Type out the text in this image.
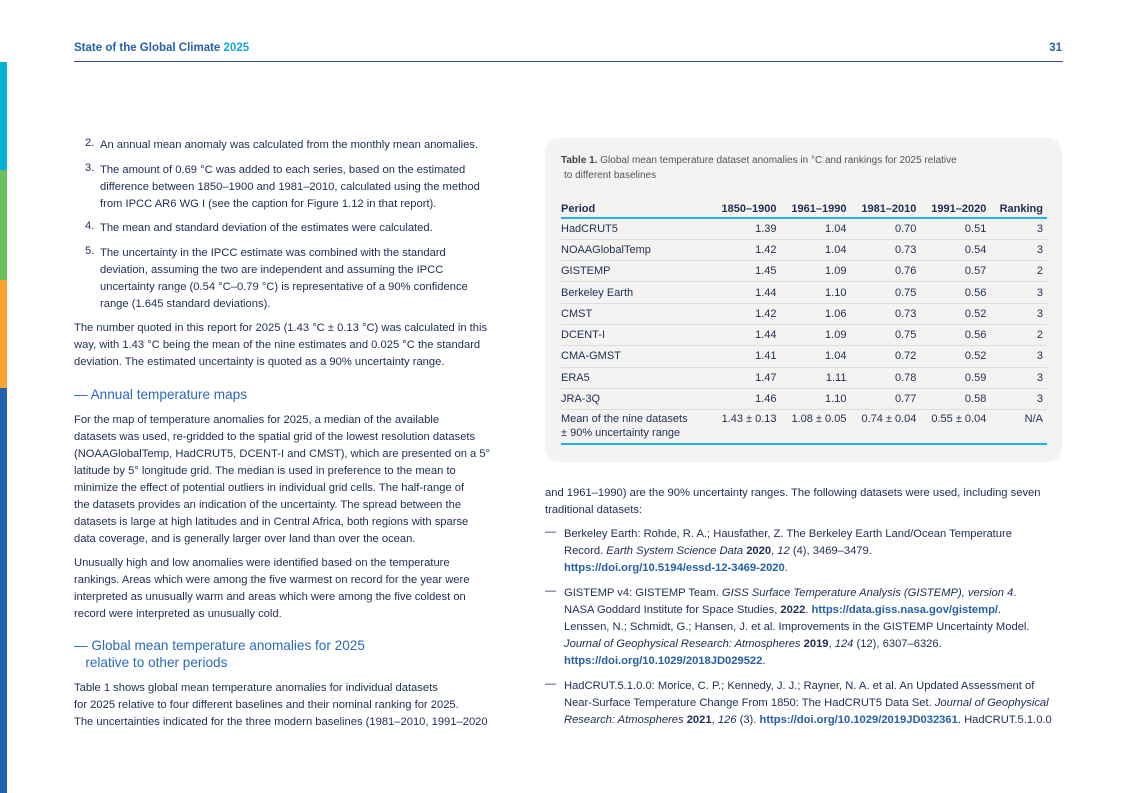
State of the Global Climate 2025	31
2. An annual mean anomaly was calculated from the monthly mean anomalies.
3. The amount of 0.69 °C was added to each series, based on the estimated
difference between 1850–1900 and 1981–2010, calculated using the method
from IPCC AR6 WG I (see the caption for Figure 1.12 in that report).
4. The mean and standard deviation of the estimates were calculated.
5. The uncertainty in the IPCC estimate was combined with the standard
deviation, assuming the two are independent and assuming the IPCC
uncertainty range (0.54 °C–0.79 °C) is representative of a 90% confidence
range (1.645 standard deviations).
The number quoted in this report for 2025 (1.43 °C ± 0.13 °C) was calculated in this
way, with 1.43 °C being the mean of the nine estimates and 0.025 °C the standard
deviation. The estimated uncertainty is quoted as a 90% uncertainty range.
— Annual temperature maps
For the map of temperature anomalies for 2025, a median of the available
datasets was used, re-gridded to the spatial grid of the lowest resolution datasets
(NOAAGlobalTemp, HadCRUT5, DCENT-I and CMST), which are presented on a 5°
latitude by 5° longitude grid. The median is used in preference to the mean to
minimize the effect of potential outliers in individual grid cells. The half-range of
the datasets provides an indication of the uncertainty. The spread between the
datasets is large at high latitudes and in Central Africa, both regions with sparse
data coverage, and is generally larger over land than over the ocean.
Unusually high and low anomalies were identified based on the temperature
rankings. Areas which were among the five warmest on record for the year were
interpreted as unusually warm and areas which were among the five coldest on
record were interpreted as unusually cold.
— Global mean temperature anomalies for 2025
relative to other periods
Table 1 shows global mean temperature anomalies for individual datasets
for 2025 relative to four different baselines and their nominal ranking for 2025.
The uncertainties indicated for the three modern baselines (1981–2010, 1991–2020
Table 1. Global mean temperature dataset anomalies in °C and rankings for 2025 relative
to different baselines
Period	1850–1900	1961–1990	1981–2010	1991–2020	Ranking
HadCRUT5	1.39	1.04	0.70	0.51	3
NOAAGlobalTemp	1.42	1.04	0.73	0.54	3
GISTEMP	1.45	1.09	0.76	0.57	2
Berkeley Earth	1.44	1.10	0.75	0.56	3
CMST	1.42	1.06	0.73	0.52	3
DCENT-I	1.44	1.09	0.75	0.56	2
CMA-GMST	1.41	1.04	0.72	0.52	3
ERA5	1.47	1.11	0.78	0.59	3
JRA-3Q	1.46	1.10	0.77	0.58	3

Mean of the nine datasets
± 90% uncertainty range	1.43 ± 0.13	1.08 ± 0.05	0.74 ± 0.04	0.55 ± 0.04	N/A
and 1961–1990) are the 90% uncertainty ranges. The following datasets were used, including seven
traditional datasets:
— Berkeley Earth: Rohde, R. A.; Hausfather, Z. The Berkeley Earth Land/Ocean Temperature
Record. Earth System Science Data 2020, 12 (4), 3469–3479.
https://doi.org/10.5194/essd-12-3469-2020.
— GISTEMP v4: GISTEMP Team. GISS Surface Temperature Analysis (GISTEMP), version 4.
NASA Goddard Institute for Space Studies, 2022. https://data.giss.nasa.gov/gistemp/.
Lenssen, N.; Schmidt, G.; Hansen, J. et al. Improvements in the GISTEMP Uncertainty Model.
Journal of Geophysical Research: Atmospheres 2019, 124 (12), 6307–6326.
https://doi.org/10.1029/2018JD029522.
— HadCRUT.5.1.0.0: Morice, C. P.; Kennedy, J. J.; Rayner, N. A. et al. An Updated Assessment of
Near-Surface Temperature Change From 1850: The HadCRUT5 Data Set. Journal of Geophysical
Research: Atmospheres 2021, 126 (3). https://doi.org/10.1029/2019JD032361. HadCRUT.5.1.0.0
